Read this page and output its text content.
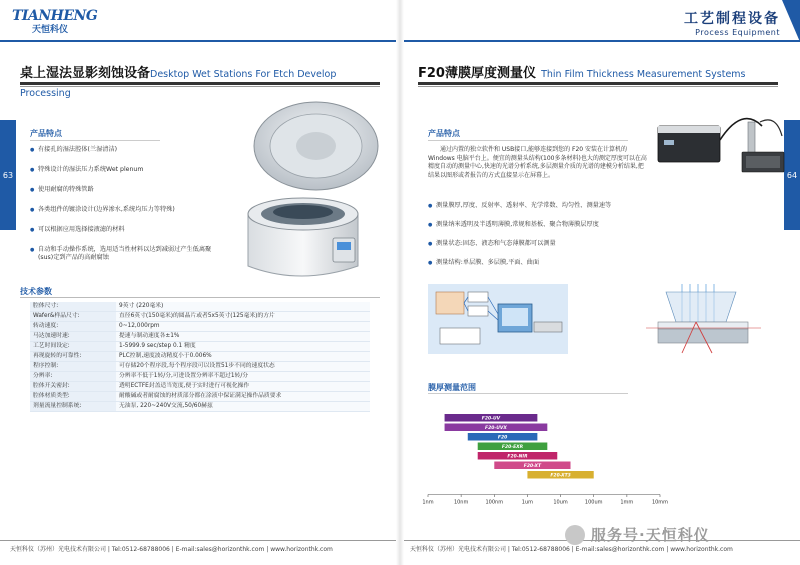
TIANHENG
天恒科仪
桌上湿法显影刻蚀设备Desktop Wet Stations For Etch Develop Processing
63
产品特点
● 有接孔的湿法腔体(兰湿清洁)
● 特殊设计的湿法压力系统Wet plenum
● 使用耐腐的特殊管路
● 各类组件的镀涂设计(边界渗水,系统均压力等特殊)
● 可以根据应用选择接液滤的材料
● 自动和手动操作系统，选用适当性材料以达到减弱过产生低离聚(sus)定到产品的高耐腐蚀
技术参数
腔体尺寸:	9英寸 (220毫米)
Wafer&样品尺寸:	直径6英寸(150毫米)的圆晶片或者5x5英寸(125毫米)的方片
转动速度:	0~12,000rpm
马达加速时速:	提速与制动速度各±1%
工艺时间设定:	1-5999.9 sec/step 0.1 精度
再现旋转的可靠性:	PLC控制,速度波动精度小于0.006%
程序控制:	可存储20个程序段,每个程序段可以设置51步不同的速度状态
分辨率:	分辨率不低于1转/分,可进设置分辨率不超过1转/分
腔体开关密封:	透明ECTFE封盖适当宽度,便于实时进行可视化操作
腔体材质类型:	耐酸碱或者耐腐蚀的材质部分都在涂液中保证满足操作品质要求
剂量流量控制系统:	无油泵, 220~240V交流,50/60赫兹
天恒科仪（苏州）光电技术有限公司 | Tel:0512-68788006 | E-mail:sales@horizonthk.com | www.horizonthk.com
工艺制程设备
Process Equipment
F20薄膜厚度测量仪 Thin Film Thickness Measurement Systems
64
产品特点
通过内置的独立软件和 USB接口,能够连接到您的 F20 安装在计算机的Windows 电脑平台上。便宜的测量头结构(100多条材料)也大的测定厚度可以在高精度自动的测量中心,快速的光谱分析系统,多层测量介质的光谱的建模分析结果,把结果以图形或者报告的方式直接显示在屏幕上。
● 测量膜厚,厚度、反射率、透射率、光学常数、均匀性、测量速等
● 测量纳米透明及半透明薄膜,常规和基板、聚合物薄膜层厚度
● 测量状态:固态、液态和气态薄膜都可以测量
● 测量结构:单层膜、多层膜,平面、曲面
膜厚测量范围
F20-UV
F20-UVX
F20
F20-EXR
F20-NIR
F20-XT
F20-XT3
1nm	10nm	100nm	1um	10um	100um	1mm	10mm
天恒科仪（苏州）光电技术有限公司 | Tel:0512-68788006 | E-mail:sales@horizonthk.com | www.horizonthk.com
服务号·天恒科仪
